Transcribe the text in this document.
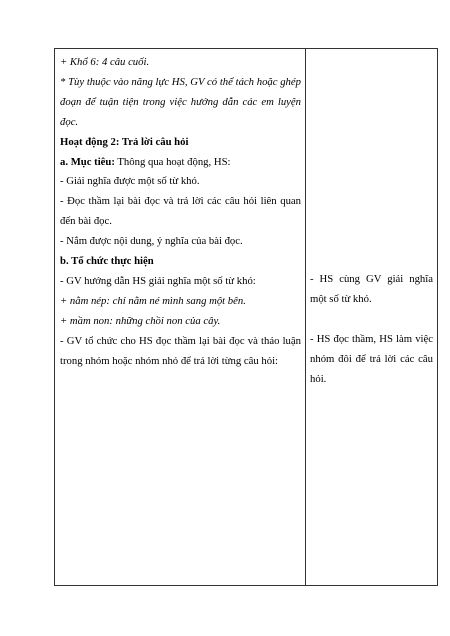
+ Khổ 6: 4 câu cuối.
* Tùy thuộc vào năng lực HS, GV có thể tách hoặc ghép
đoạn để tuận tiện trong việc hướng dẫn các em luyện
đọc.
Hoạt động 2: Trả lời câu hỏi
a. Mục tiêu: Thông qua hoạt động, HS:
- Giải nghĩa được một số từ khó.
- Đọc thầm lại bài đọc và trả lời các câu hỏi liên quan
đến bài đọc.
- Nắm được nội dung, ý nghĩa của bài đọc.
b. Tổ chức thực hiện
- GV hướng dẫn HS giải nghĩa một số từ khó:
+ nằm nép: chỉ nằm né mình sang một bên.
+ mầm non: những chồi non của cây.
- GV tổ chức cho HS đọc thầm lại bài đọc và thảo luận
trong nhóm hoặc nhóm nhỏ để trả lời từng câu hỏi:
- HS cùng GV giải nghĩa
một số từ khó.
- HS đọc thầm, HS làm việc
nhóm đôi để trả lời các câu
hỏi.
